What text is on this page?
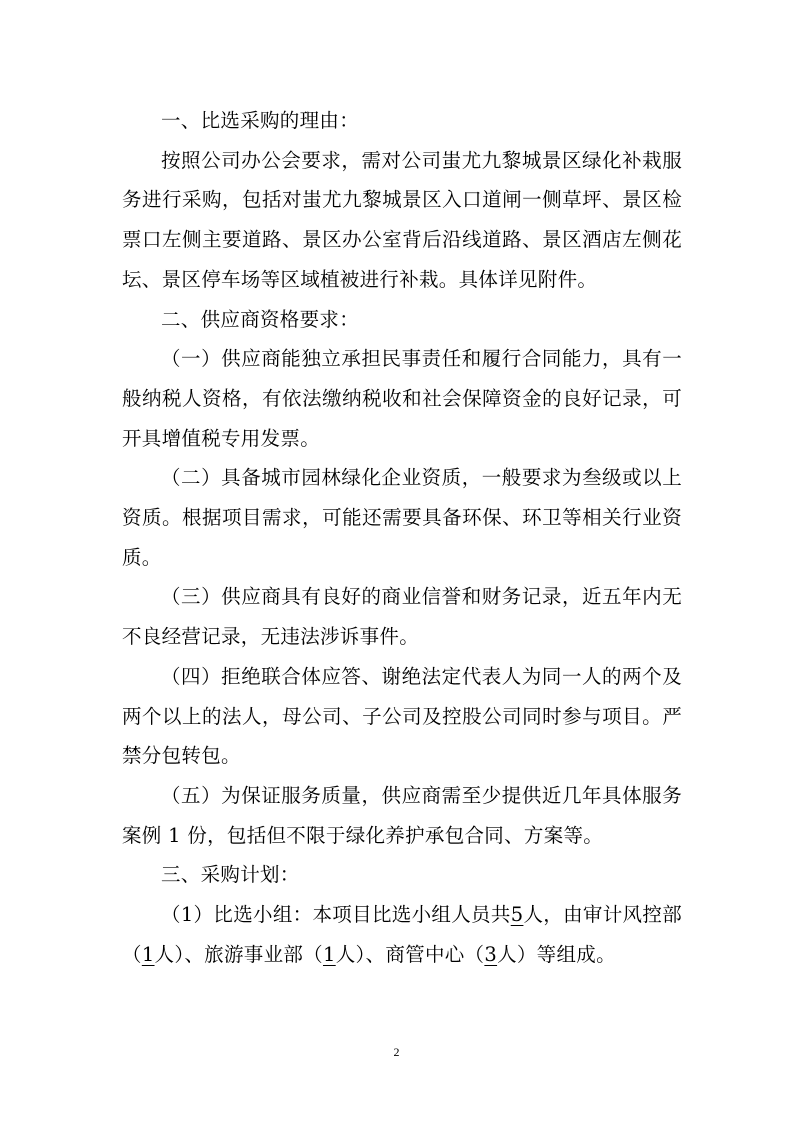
一、比选采购的理由：

按照公司办公会要求，需对公司蚩尤九黎城景区绿化补栽服务进行采购，包括对蚩尤九黎城景区入口道闸一侧草坪、景区检票口左侧主要道路、景区办公室背后沿线道路、景区酒店左侧花坛、景区停车场等区域植被进行补栽。具体详见附件。

二、供应商资格要求：

（一）供应商能独立承担民事责任和履行合同能力，具有一般纳税人资格，有依法缴纳税收和社会保障资金的良好记录，可开具增值税专用发票。

（二）具备城市园林绿化企业资质，一般要求为叁级或以上资质。根据项目需求，可能还需要具备环保、环卫等相关行业资质。

（三）供应商具有良好的商业信誉和财务记录，近五年内无不良经营记录，无违法涉诉事件。

（四）拒绝联合体应答、谢绝法定代表人为同一人的两个及两个以上的法人，母公司、子公司及控股公司同时参与项目。严禁分包转包。

（五）为保证服务质量，供应商需至少提供近几年具体服务案例 1 份，包括但不限于绿化养护承包合同、方案等。

三、采购计划：

（1）比选小组：本项目比选小组人员共5人，由审计风控部（1人）、旅游事业部（1人）、商管中心（3人）等组成。

2
